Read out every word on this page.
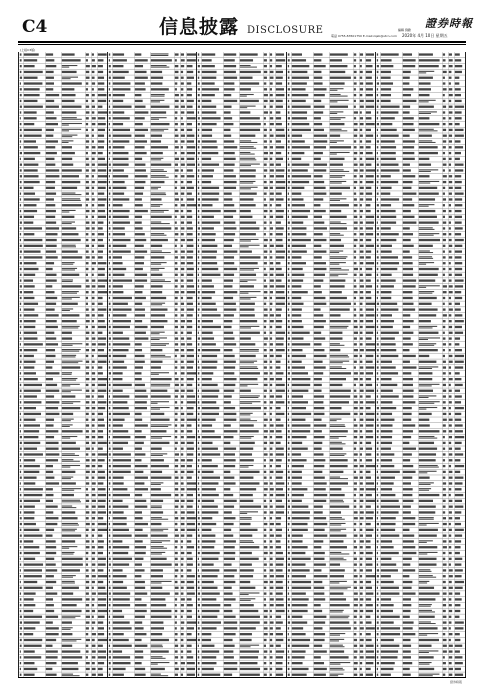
C4	信息披露 DISCLOSURE	編輯 劉歡
電話 0755-83501750 E-mail:zqsb@stcn.com 2020年 4月 10日 星期五
證券時報
(上接C3版)
證券時報
